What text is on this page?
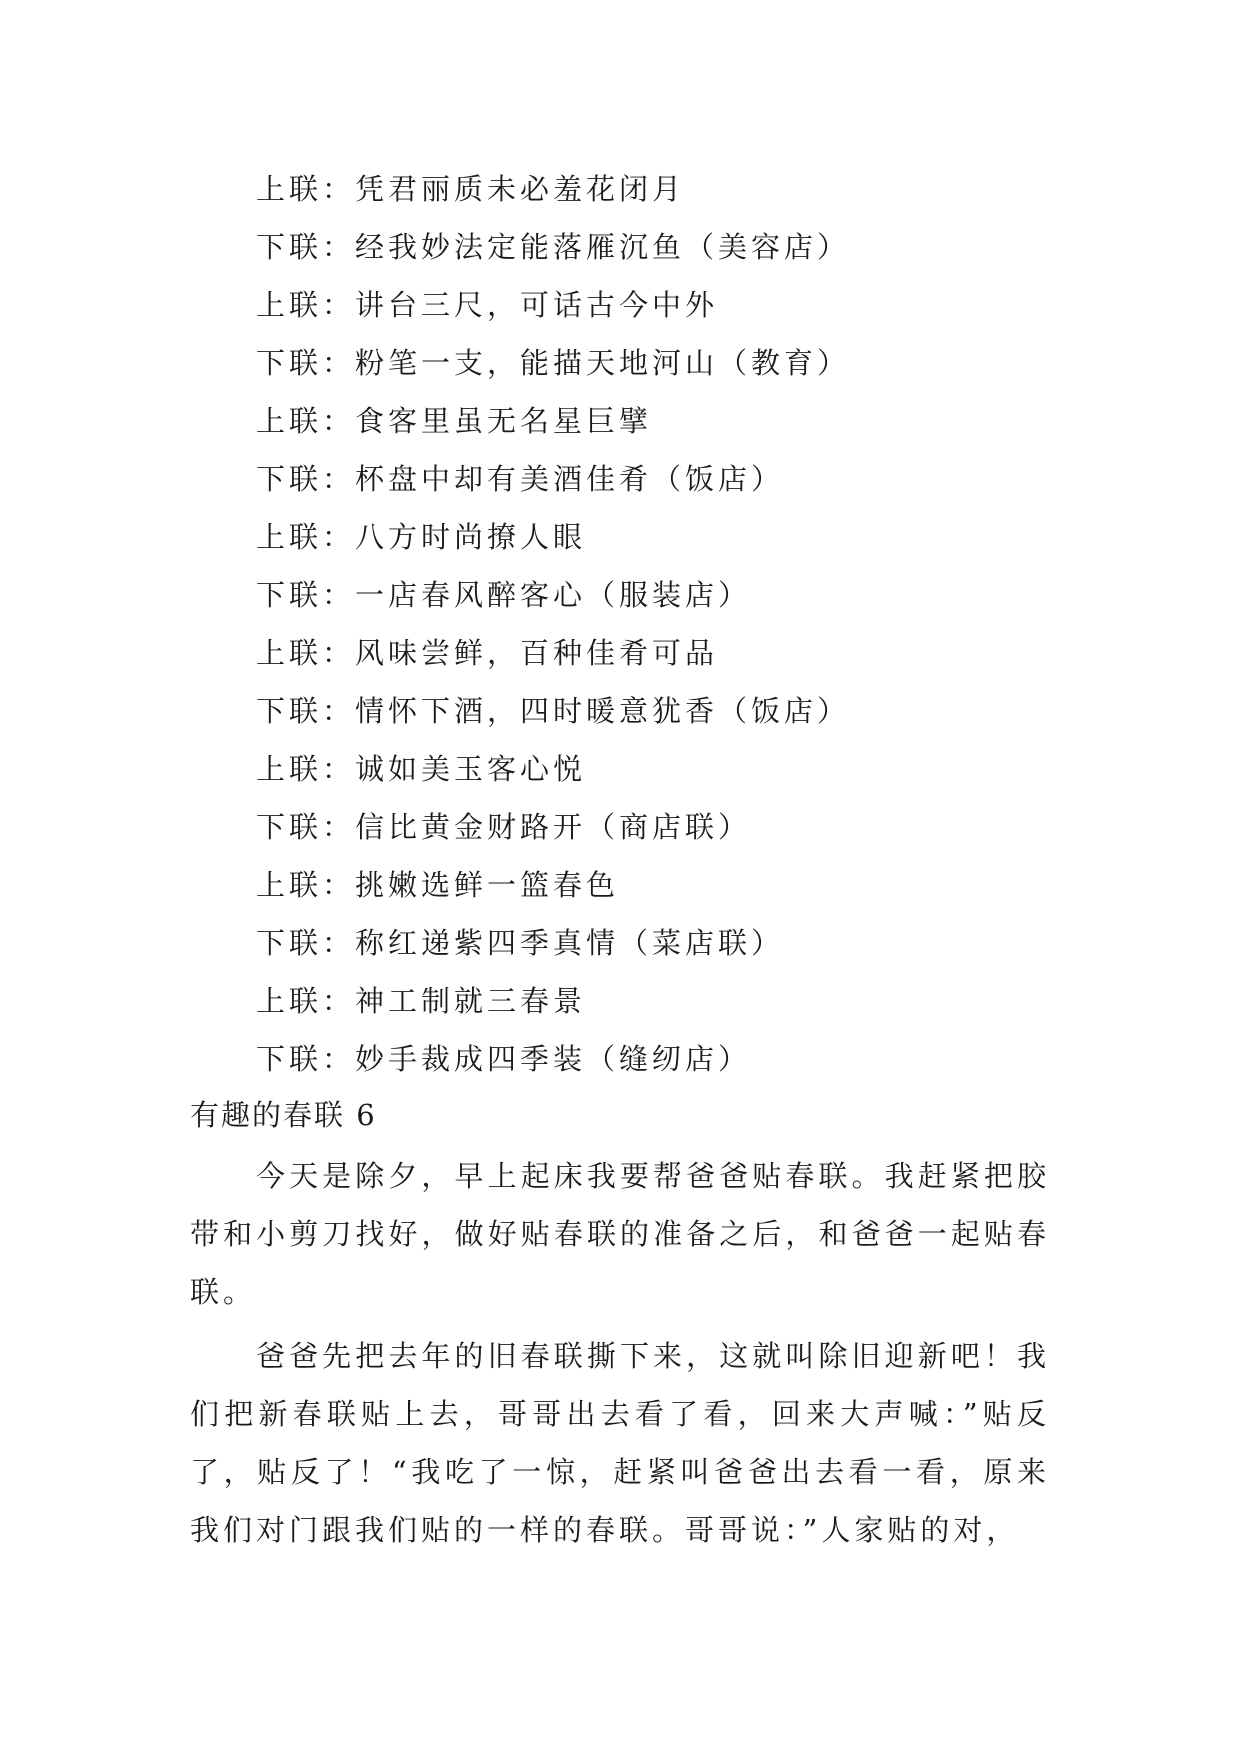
上联：凭君丽质未必羞花闭月
下联：经我妙法定能落雁沉鱼（美容店）
上联：讲台三尺，可话古今中外
下联：粉笔一支，能描天地河山（教育）
上联：食客里虽无名星巨擘
下联：杯盘中却有美酒佳肴（饭店）
上联：八方时尚撩人眼
下联：一店春风醉客心（服装店）
上联：风味尝鲜，百种佳肴可品
下联：情怀下酒，四时暖意犹香（饭店）
上联：诚如美玉客心悦
下联：信比黄金财路开（商店联）
上联：挑嫩选鲜一篮春色
下联：称红递紫四季真情（菜店联）
上联：神工制就三春景
下联：妙手裁成四季装（缝纫店）
有趣的春联 6

今天是除夕，早上起床我要帮爸爸贴春联。我赶紧把胶带和小剪刀找好，做好贴春联的准备之后，和爸爸一起贴春联。

爸爸先把去年的旧春联撕下来，这就叫除旧迎新吧！我们把新春联贴上去，哥哥出去看了看，回来大声喊：”贴反了，贴反了！“我吃了一惊，赶紧叫爸爸出去看一看，原来我们对门跟我们贴的一样的春联。哥哥说：”人家贴的对，
